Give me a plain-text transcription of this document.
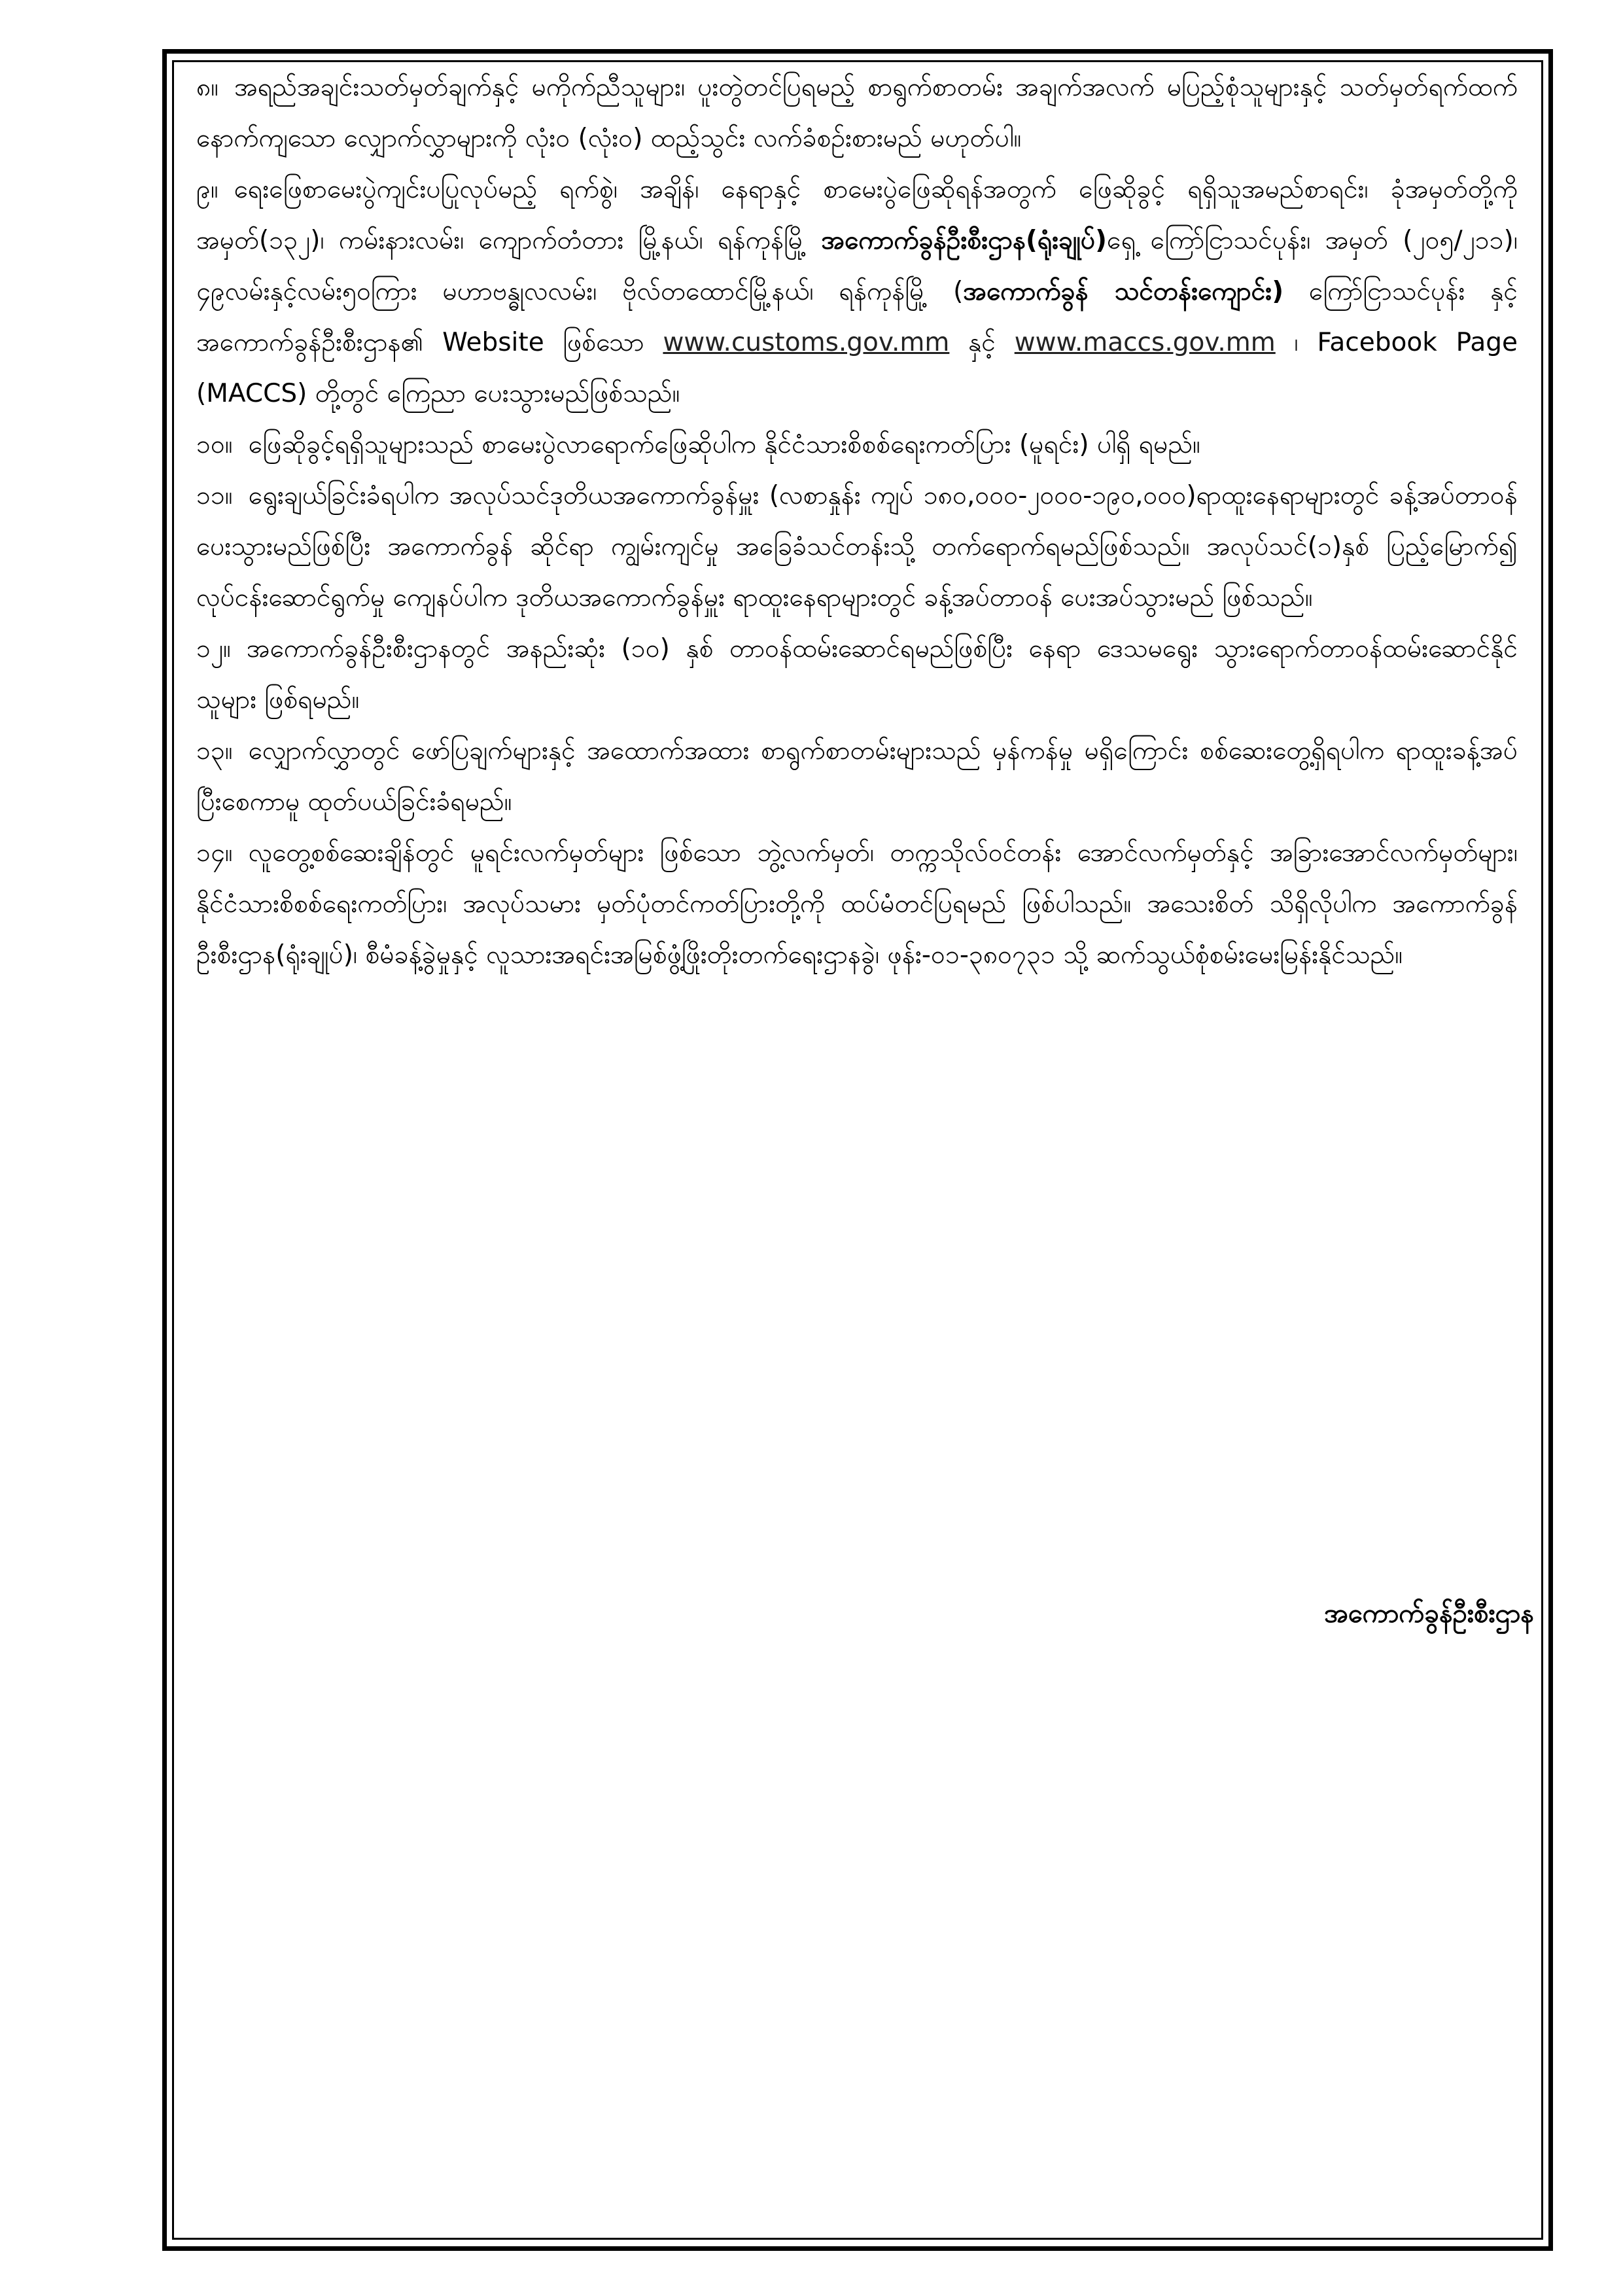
၈။ အရည်အချင်းသတ်မှတ်ချက်နှင့် မကိုက်ညီသူများ၊ ပူးတွဲတင်ပြရမည့် စာရွက်စာတမ်း အချက်အလက် မပြည့်စုံသူများနှင့် သတ်မှတ်ရက်ထက် နောက်ကျသော လျှောက်လွှာများကို လုံးဝ (လုံးဝ) ထည့်သွင်း လက်ခံစဉ်းစားမည် မဟုတ်ပါ။

၉။ ရေးဖြေစာမေးပွဲကျင်းပပြုလုပ်မည့် ရက်စွဲ၊ အချိန်၊ နေရာနှင့် စာမေးပွဲဖြေဆိုရန်အတွက် ဖြေဆိုခွင့် ရရှိသူအမည်စာရင်း၊ ခုံအမှတ်တို့ကို အမှတ်(၁၃၂)၊ ကမ်းနားလမ်း၊ ကျောက်တံတား မြို့နယ်၊ ရန်ကုန်မြို့ အကောက်ခွန်ဦးစီးဌာန(ရုံးချုပ်)ရှေ့ ကြော်ငြာသင်ပုန်း၊ အမှတ် (၂၀၅/၂၁၁)၊ ၄၉လမ်းနှင့်လမ်း၅၀ကြား မဟာဗန္ဓုလလမ်း၊ ဗိုလ်တထောင်မြို့နယ်၊ ရန်ကုန်မြို့ (အကောက်ခွန် သင်တန်းကျောင်း) ကြော်ငြာသင်ပုန်း နှင့် အကောက်ခွန်ဦးစီးဌာန၏ Website ဖြစ်သော www.customs.gov.mm နှင့် www.maccs.gov.mm ၊ Facebook Page (MACCS) တို့တွင် ကြေညာ ပေးသွားမည်ဖြစ်သည်။

၁၀။ ဖြေဆိုခွင့်ရရှိသူများသည် စာမေးပွဲလာရောက်ဖြေဆိုပါက နိုင်ငံသားစိစစ်ရေးကတ်ပြား (မူရင်း) ပါရှိ ရမည်။

၁၁။ ရွေးချယ်ခြင်းခံရပါက အလုပ်သင်ဒုတိယအကောက်ခွန်မှူး (လစာနှုန်း ကျပ် ၁၈၀,၀၀၀-၂၀၀၀-၁၉၀,၀၀၀)ရာထူးနေရာများတွင် ခန့်အပ်တာဝန် ပေးသွားမည်ဖြစ်ပြီး အကောက်ခွန် ဆိုင်ရာ ကျွမ်းကျင်မှု အခြေခံသင်တန်းသို့ တက်ရောက်ရမည်ဖြစ်သည်။ အလုပ်သင်(၁)နှစ် ပြည့်မြောက်၍ လုပ်ငန်းဆောင်ရွက်မှု ကျေနပ်ပါက ဒုတိယအကောက်ခွန်မှူး ရာထူးနေရာများတွင် ခန့်အပ်တာဝန် ပေးအပ်သွားမည် ဖြစ်သည်။

၁၂။ အကောက်ခွန်ဦးစီးဌာနတွင် အနည်းဆုံး (၁၀) နှစ် တာဝန်ထမ်းဆောင်ရမည်ဖြစ်ပြီး နေရာ ဒေသမရွေး သွားရောက်တာဝန်ထမ်းဆောင်နိုင်သူများ ဖြစ်ရမည်။

၁၃။ လျှောက်လွှာတွင် ဖော်ပြချက်များနှင့် အထောက်အထား စာရွက်စာတမ်းများသည် မှန်ကန်မှု မရှိကြောင်း စစ်ဆေးတွေ့ရှိရပါက ရာထူးခန့်အပ်ပြီးစေကာမူ ထုတ်ပယ်ခြင်းခံရမည်။

၁၄။ လူတွေ့စစ်ဆေးချိန်တွင် မူရင်းလက်မှတ်များ ဖြစ်သော ဘွဲ့လက်မှတ်၊ တက္ကသိုလ်ဝင်တန်း အောင်လက်မှတ်နှင့် အခြားအောင်လက်မှတ်များ၊ နိုင်ငံသားစိစစ်ရေးကတ်ပြား၊ အလုပ်သမား မှတ်ပုံတင်ကတ်ပြားတို့ကို ထပ်မံတင်ပြရမည် ဖြစ်ပါသည်။ အသေးစိတ် သိရှိလိုပါက အကောက်ခွန် ဦးစီးဌာန(ရုံးချုပ်)၊ စီမံခန့်ခွဲမှုနှင့် လူသားအရင်းအမြစ်ဖွံ့ဖြိုးတိုးတက်ရေးဌာနခွဲ၊ ဖုန်း-၀၁-၃၈၀၇၃၁ သို့ ဆက်သွယ်စုံစမ်းမေးမြန်းနိုင်သည်။

အကောက်ခွန်ဦးစီးဌာန
